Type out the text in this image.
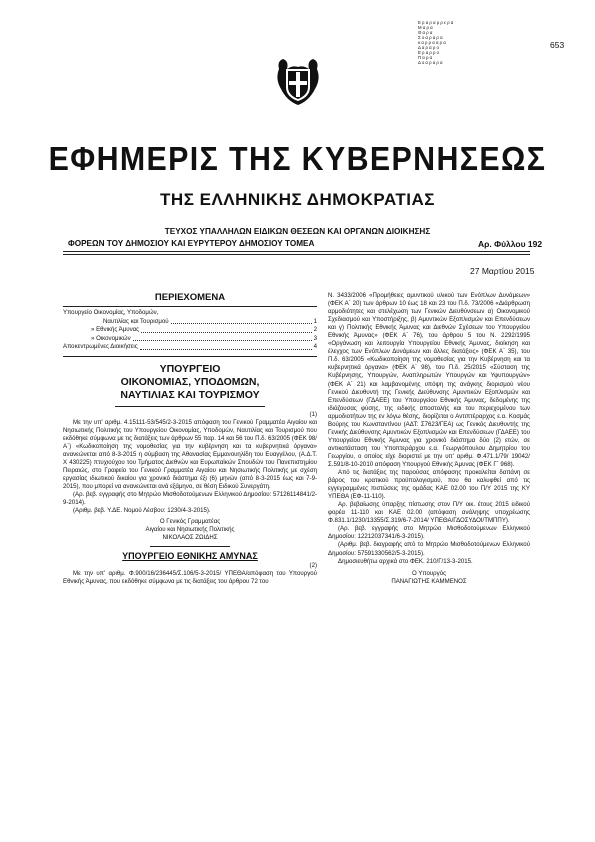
Ε ρ α ρ α ρ ρ ε ρ α
Μ α ρ α
Θ α ρ α
Σ ο α ρ α ρ α
κ α ρ ρ α α ρ α
Δ α ρ α ρ ο
Ε ρ α ρ ρ ο
Π α ρ α
Δ ο α ρ α ρ α
653
ΕΦΗΜΕΡΙΣ ΤΗΣ ΚΥΒΕΡΝΗΣΕΩΣ
ΤΗΣ ΕΛΛΗΝΙΚΗΣ ΔΗΜΟΚΡΑΤΙΑΣ
ΤΕΥΧΟΣ ΥΠΑΛΛΗΛΩΝ ΕΙΔΙΚΩΝ ΘΕΣΕΩΝ ΚΑΙ ΟΡΓΑΝΩΝ ΔΙΟΙΚΗΣΗΣ
ΦΟΡΕΩΝ ΤΟΥ ΔΗΜΟΣΙΟΥ ΚΑΙ ΕΥΡΥΤΕΡΟΥ ΔΗΜΟΣΙΟΥ ΤΟΜΕΑ	Αρ. Φύλλου 192
27 Μαρτίου 2015
ΠΕΡΙΕΧΟΜΕΝΑ
Υπουργείο Οικονομίας, Υποδομών,
Ναυτιλίας και Τουρισμού	1
» Εθνικής Άμυνας	2
» Οικονομικών	3
Αποκεντρωμένες Διοικήσεις	4
ΥΠΟΥΡΓΕΙΟ
ΟΙΚΟΝΟΜΙΑΣ, ΥΠΟΔΟΜΩΝ,
ΝΑΥΤΙΛΙΑΣ ΚΑΙ ΤΟΥΡΙΣΜΟΥ
(1)

Με την υπ' αριθμ. 4.15111-53/545/2-3-2015 απόφαση του Γενικού Γραμματέα Αιγαίου και Νησιωτικής Πολιτικής του Υπουργείου Οικονομίας, Υποδομών, Ναυτιλίας και Τουρισμού που εκδόθηκε σύμφωνα με τις διατάξεις των άρθρων 55 παρ. 14 και 56 του Π.δ. 63/2005 (ΦΕΚ 98/Α΄) «Κωδικοποίηση της νομοθεσίας για την κυβέρνηση και τα κυβερνητικά όργανα» ανανεώνεται από 8-3-2015 η σύμβαση της Αθανασίας Εμμανουηλίδη του Ευαγγέλου, (Α.Δ.Τ. Χ 430225) πτυχιούχου του Τμήματος Διεθνών και Ευρωπαϊκών Σπουδών του Πανεπιστημίου Πειραιώς, στο Γραφείο του Γενικού Γραμματέα Αιγαίου και Νησιωτικής Πολιτικής με σχέση εργασίας ιδιωτικού δικαίου για χρονικό διάστημα έξι (6) μηνών (από 8-3-2015 έως και 7-9-2015), που μπορεί να ανανεώνεται ανά εξάμηνο, σε θέση Ειδικού Συνεργάτη.

(Αρ. βεβ. εγγραφής στο Μητρώο Μισθοδοτούμενων Ελληνικού Δημοσίου: 57126114841/2-9-2014).

(Αριθμ. βεβ. Υ.ΔΕ. Νομού Λέσβου: 1230/4-3-2015).

Ο Γενικός Γραμματέας
Αιγαίου και Νησιωτικής Πολιτικής
ΝΙΚΟΛΑΟΣ ΖΩΙΔΗΣ
ΥΠΟΥΡΓΕΙΟ ΕΘΝΙΚΗΣ ΑΜΥΝΑΣ
(2)

Με την υπ' αριθμ. Φ.900/16/236445/Σ.106/5-3-2015/ ΥΠΕΘΑ/απόφαση του Υπουργού Εθνικής Άμυνας, που εκδόθηκε σύμφωνα με τις διατάξεις του άρθρου 72 του

Ν. 3433/2006 «Προμήθειες αμυντικού υλικού των Ενόπλων Δυνάμεων» (ΦΕΚ Α΄ 20) των άρθρων 10 έως 18 και 23 του Π.δ. 73/2006 «Διάρθρωση αρμοδιότητες και στελέχωση των Γενικών Διευθύνσεων α) Οικονομικού Σχεδιασμού και Υποστήριξης, β) Αμυντικών Εξοπλισμών και Επενδύσεων και γ) Πολιτικής Εθνικής Άμυνας και Διεθνών Σχέσεων του Υπουργείου Εθνικής Άμυνας» (ΦΕΚ Α΄ 76), του άρθρου 5 του Ν. 2292/1995 «Οργάνωση και λειτουργία Υπουργείου Εθνικής Άμυνας, διοίκηση και έλεγχος των Ενόπλων Δυνάμεων και άλλες διατάξεις» (ΦΕΚ Α΄ 35), του Π.δ. 63/2005 «Κωδικοποίηση της νομοθεσίας για την Κυβέρνηση και τα κυβερνητικά όργανα» (ΦΕΚ Α΄ 98), του Π.δ. 25/2015 «Σύσταση της Κυβέρνησης, Υπουργών, Αναπληρωτών Υπουργών και Υφυπουργών» (ΦΕΚ Α΄ 21) και λαμβανομένης υπόψη της ανάγκης διορισμού νέου Γενικού Διευθυντή της Γενικής Διεύθυνσης Αμυντικών Εξοπλισμών και Επενδύσεων (ΓΔΑΕΕ) του Υπουργείου Εθνικής Άμυνας, δεδομένης της ιδιάζουσας φύσης, της ειδικής αποστολής και του περιεχομένου των αρμοδιοτήτων της εν λόγω θέσης, διορίζεται ο Αντιπτέραρχος ε.α. Κοσμάς Βούρης του Κωνσταντίνου (ΑΔΤ: Σ7623/ΓΕΑ) ως Γενικός Διευθυντής της Γενικής Διεύθυνσης Αμυντικών Εξοπλισμών και Επενδύσεων (ΓΔΑΕΕ) του Υπουργείου Εθνικής Άμυνας για χρονικό διάστημα δύο (2) ετών, σε αντικατάσταση του Υποπτεράρχου ε.α. Γεωργιόπουλου Δημητρίου του Γεωργίου, ο οποίος είχε διοριστεί με την υπ' αριθμ. Φ.471.1/79/ 19042/Σ.591/8-10-2010 απόφαση Υπουργού Εθνικής Άμυνας (ΦΕΚ Γ΄ 968).

Από τις διατάξεις της παρούσας απόφασης προκαλείται δαπάνη σε βάρος του κρατικού προϋπολογισμού, που θα καλυφθεί από τις εγγεγραμμένες πιστώσεις της ομάδας ΚΑΕ 02.00 του Π/Υ 2015 της ΚΥ ΥΠΕΘΑ (ΕΦ-11-110).

Αρ. βεβαίωσης ύπαρξης πίστωσης στον Π/Υ οικ. έτους 2015 ειδικού φορέα 11-110 και ΚΑΕ 02.00 (απόφαση ανάληψης υποχρέωσης Φ.831.1/1230/13355/Σ.319/6-7-2014/ ΥΠΕΘΑ/ΓΔΟΣΥΔΟΙ/ΤΜΠΠΥ).

(Αρ. βεβ. εγγραφής στο Μητρώο Μισθοδοτούμενων Ελληνικού Δημοσίου: 12212037341/6-3-2015).

(Αριθμ. βεβ. διαγραφής από το Μητρώο Μισθοδοτούμενων Ελληνικού Δημοσίου: 57591330562/5-3-2015).

Δημοσιευθήτω αρχικά στο ΦΕΚ. 210/Γ/13-3-2015.

Ο Υπουργός
ΠΑΝΑΓΙΩΤΗΣ ΚΑΜΜΕΝΟΣ
